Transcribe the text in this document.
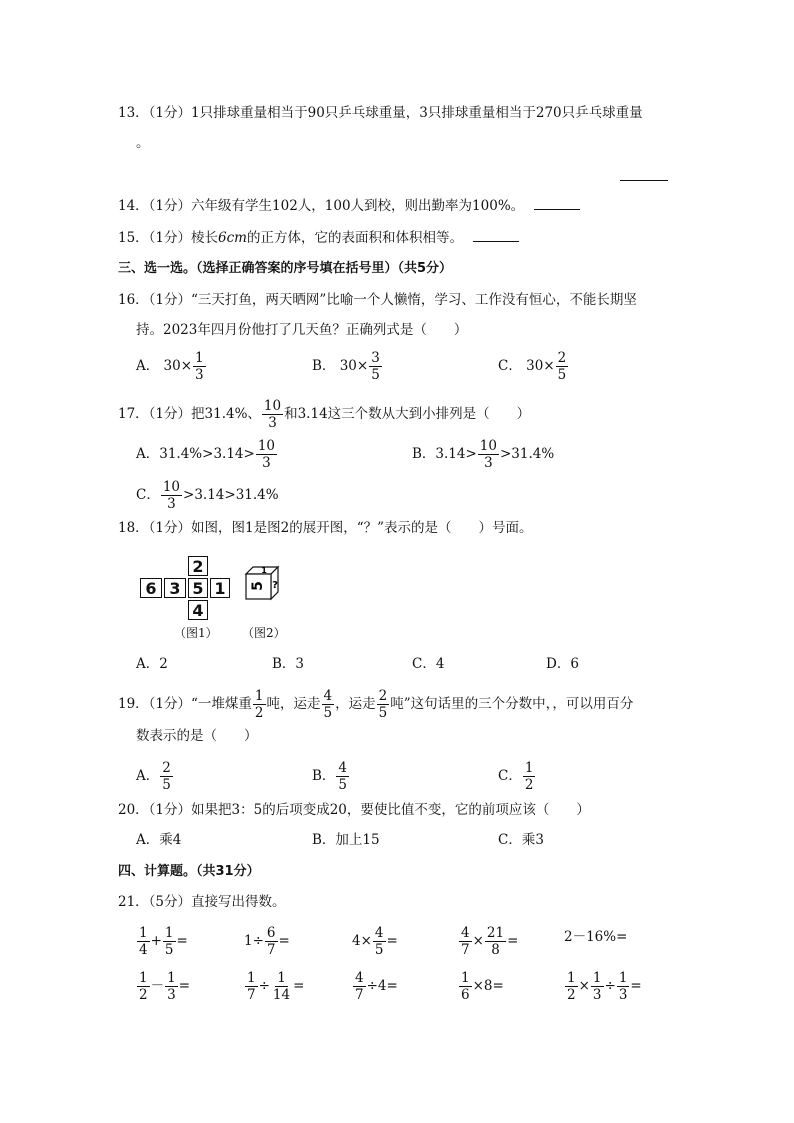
13．（1分）1只排球重量相当于90只乒乓球重量，3只排球重量相当于270只乒乓球重量
。
14．（1分）六年级有学生102人，100人到校，则出勤率为100%。
15．（1分）棱长6cm的正方体，它的表面积和体积相等。
三、选一选。（选择正确答案的序号填在括号里）（共5分）
16．（1分）“三天打鱼，两天晒网”比喻一个人懒惰，学习、工作没有恒心，不能长期坚
持。2023年四月份他打了几天鱼？正确列式是（　　）
A． $30\times \frac{1}{3}$	B． $30\times \frac{3}{5}$	C． $30\times \frac{2}{5}$
17．（1分）把31.4%、 $\frac{10}{3}$ 和3.14这三个数从大到小排列是（　　）
A．$31.4\%>3.14> \frac{10}{3}$	B．$3.14> \frac{10}{3} >31.4\%$
C． $\frac{10}{3} >3.14>31.4\%$
18．（1分）如图，图1是图2的展开图，“？”表示的是（　　）号面。
2
6 3 5 1
4
（图1）
5
1
?
（图2）
A．2	B．3	C．4	D．6
19．（1分）“一堆煤重 $\frac{1}{2}$ 吨，运走 $\frac{4}{5}$ ，运走 $\frac{2}{5}$ 吨”这句话里的三个分数中，，可以用百分
数表示的是（　　）
A． $\frac{2}{5}$	B． $\frac{4}{5}$	C． $\frac{1}{2}$
20．（1分）如果把3：5的后项变成20，要使比值不变，它的前项应该（　　）
A．乘4	B．加上15	C．乘3
四、计算题。（共31分）
21．（5分）直接写出得数。
$\frac{1}{4} + \frac{1}{5}$ =	$1\div \frac{6}{7}$ =	$4\times \frac{4}{5}$ =	$\frac{4}{7} \times \frac{21}{8}$ =	2－16%=
$\frac{1}{2} - \frac{1}{3}$ =	$\frac{1}{7} \div \frac{1}{14}$ =	$\frac{4}{7} \div 4=$	$\frac{1}{6} \times 8=$	$\frac{1}{2} \times \frac{1}{3} \div \frac{1}{3}$ =
